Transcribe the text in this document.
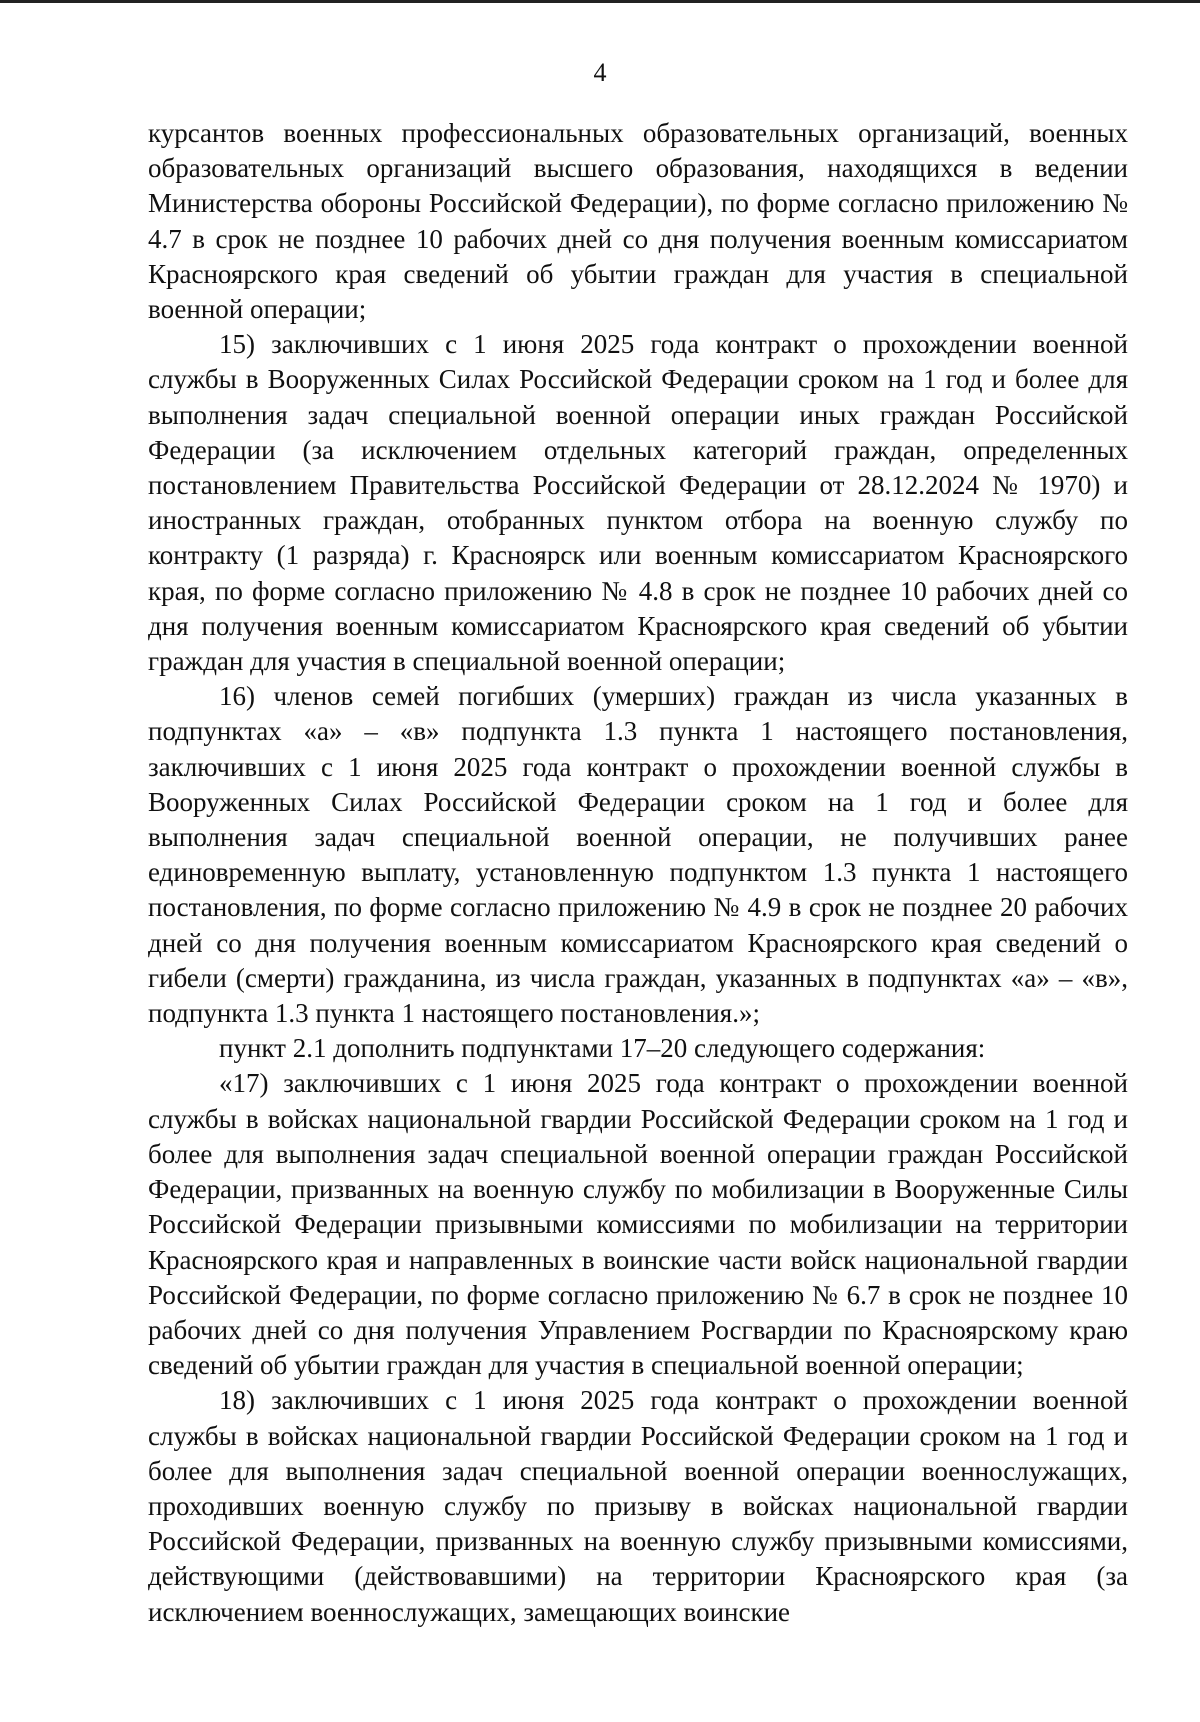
4

курсантов военных профессиональных образовательных организаций, военных образовательных организаций высшего образования, находящихся в ведении Министерства обороны Российской Федерации), по форме согласно приложению № 4.7 в срок не позднее 10 рабочих дней со дня получения военным комиссариатом Красноярского края сведений об убытии граждан для участия в специальной военной операции;

15) заключивших с 1 июня 2025 года контракт о прохождении военной службы в Вооруженных Силах Российской Федерации сроком на 1 год и более для выполнения задач специальной военной операции иных граждан Российской Федерации (за исключением отдельных категорий граждан, определенных постановлением Правительства Российской Федерации от 28.12.2024 № 1970) и иностранных граждан, отобранных пунктом отбора на военную службу по контракту (1 разряда) г. Красноярск или военным комиссариатом Красноярского края, по форме согласно приложению № 4.8 в срок не позднее 10 рабочих дней со дня получения военным комиссариатом Красноярского края сведений об убытии граждан для участия в специальной военной операции;

16) членов семей погибших (умерших) граждан из числа указанных в подпунктах «а» – «в» подпункта 1.3 пункта 1 настоящего постановления, заключивших с 1 июня 2025 года контракт о прохождении военной службы в Вооруженных Силах Российской Федерации сроком на 1 год и более для выполнения задач специальной военной операции, не получивших ранее единовременную выплату, установленную подпунктом 1.3 пункта 1 настоящего постановления, по форме согласно приложению № 4.9 в срок не позднее 20 рабочих дней со дня получения военным комиссариатом Красноярского края сведений о гибели (смерти) гражданина, из числа граждан, указанных в подпунктах «а» – «в», подпункта 1.3 пункта 1 настоящего постановления.»;

пункт 2.1 дополнить подпунктами 17–20 следующего содержания:

«17) заключивших с 1 июня 2025 года контракт о прохождении военной службы в войсках национальной гвардии Российской Федерации сроком на 1 год и более для выполнения задач специальной военной операции граждан Российской Федерации, призванных на военную службу по мобилизации в Вооруженные Силы Российской Федерации призывными комиссиями по мобилизации на территории Красноярского края и направленных в воинские части войск национальной гвардии Российской Федерации, по форме согласно приложению № 6.7 в срок не позднее 10 рабочих дней со дня получения Управлением Росгвардии по Красноярскому краю сведений об убытии граждан для участия в специальной военной операции;

18) заключивших с 1 июня 2025 года контракт о прохождении военной службы в войсках национальной гвардии Российской Федерации сроком на 1 год и более для выполнения задач специальной военной операции военнослужащих, проходивших военную службу по призыву в войсках национальной гвардии Российской Федерации, призванных на военную службу призывными комиссиями, действующими (действовавшими) на территории Красноярского края (за исключением военнослужащих, замещающих воинские
